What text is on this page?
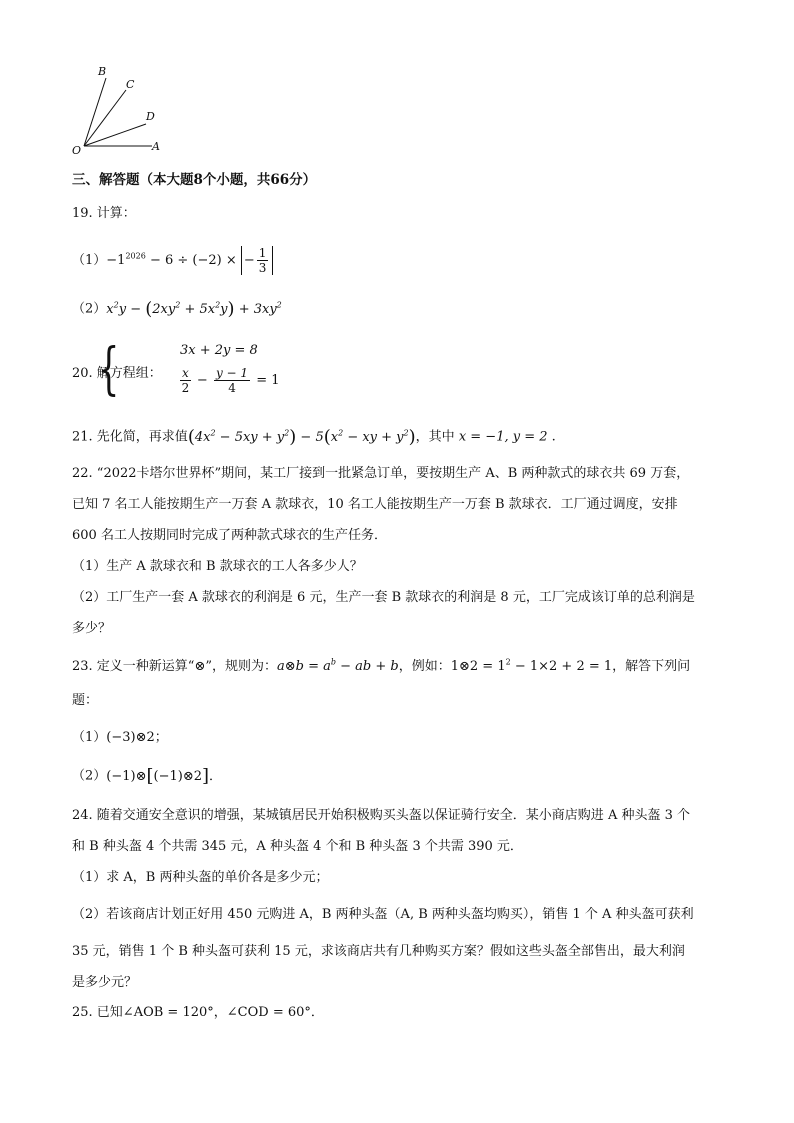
B
C
D
O	A
三、解答题（本大题8个小题，共66分）
19. 计算：
$(1)-1^{2026} - 6 \div (-2)$ × − $\frac{1}{3}$
$(2)x^2y - (2xy^2 + 5x^2y) + 3xy^2$
20. 解方程组：
{	3x + 2y = 8
$\frac{x}{2} - \frac{y - 1}{4} = 1$
21. 先化简，再求值$(4x^2 - 5xy + y^2) - 5(x^2$ − xy + $y^2$)，其中 x = −1, y = 2 .
22. “2022卡塔尔世界杯”期间，某工厂接到一批紧急订单，要按期生产 A、B 两种款式的球衣共 69 万套，
已知 7 名工人能按期生产一万套 A 款球衣，10 名工人能按期生产一万套 B 款球衣．工厂通过调度，安排
600 名工人按期同时完成了两种款式球衣的生产任务．
（1）生产 A 款球衣和 B 款球衣的工人各多少人？
（2）工厂生产一套 A 款球衣的利润是 6 元，生产一套 B 款球衣的利润是 8 元，工厂完成该订单的总利润是
多少？
23. 定义一种新运算“⊗”，规则为：a⊗b = $a^b$ − ab + b，例如：1⊗2 = $1^2 - 1\times 2 + 2 = 1$，解答下列问
题：
（1）(−3)⊗2；
（2）(−1)⊗[(−1)⊗2]．
24. 随着交通安全意识的增强，某城镇居民开始积极购买头盔以保证骑行安全．某小商店购进 A 种头盔 3 个
和 B 种头盔 4 个共需 345 元，A 种头盔 4 个和 B 种头盔 3 个共需 390 元．
（1）求 A，B 两种头盔的单价各是多少元；
（2）若该商店计划正好用 450 元购进 A，B 两种头盔（A, B 两种头盔均购买），销售 1 个 A 种头盔可获利
35 元，销售 1 个 B 种头盔可获利 15 元，求该商店共有几种购买方案？假如这些头盔全部售出，最大利润
是多少元？
25. 已知∠AOB = 120°，∠COD = 60°．
